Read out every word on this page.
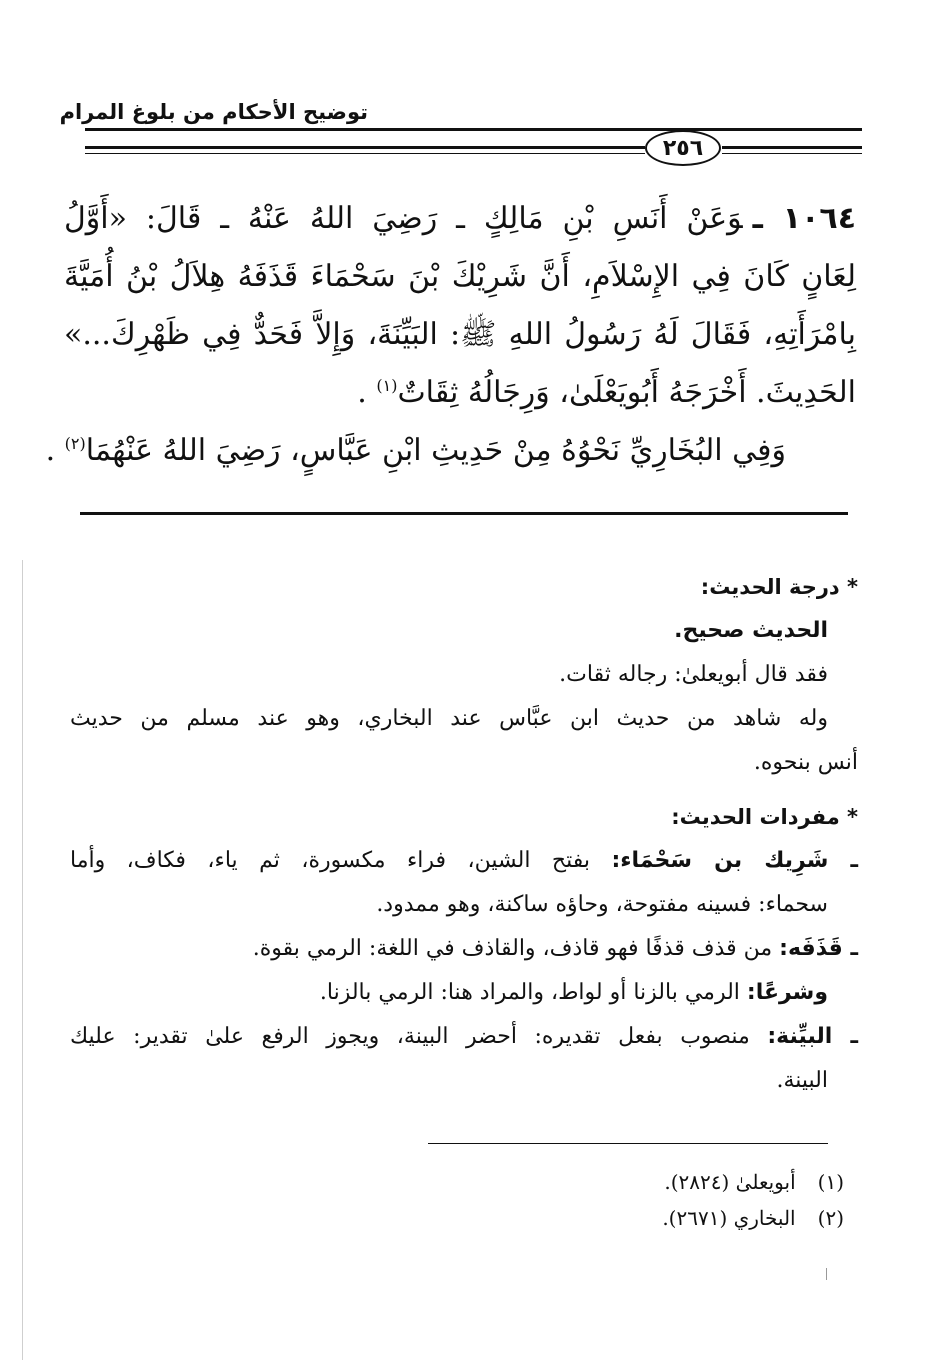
توضيح الأحكام من بلوغ المرام
٢٥٦
١٠٦٤ ـوَعَنْ أَنَسِ بْنِ مَالِكٍ ـ رَضِيَ اللهُ عَنْهُ ـ قَالَ: «أَوَّلُ
لِعَانٍ كَانَ فِي الإِسْلاَمِ، أَنَّ شَرِيْكَ بْنَ سَحْمَاءَ قَذَفَهُ هِلاَلُ بْنُ أُمَيَّةَ
بِامْرَأَتِهِ، فَقَالَ لَهُ رَسُولُ اللهِ ﷺ: البَيِّنَةَ، وَإِلاَّ فَحَدٌّ فِي ظَهْرِكَ...»
الحَدِيثَ. أَخْرَجَهُ أَبُويَعْلَىٰ، وَرِجَالُهُ ثِقَاتٌ$^{(١)}$ .
وَفِي البُخَارِيِّ نَحْوُهُ مِنْ حَدِيثِ ابْنِ عَبَّاسٍ، رَضِيَ اللهُ عَنْهُمَا$^{(٢)}$ .
* درجة الحديث:
الحديث صحيح.
فقد قال أبويعلىٰ: رجاله ثقات.
وله شاهد من حديث ابن عبَّاس عند البخاري، وهو عند مسلم من حديث
أنس بنحوه.
* مفردات الحديث:
ـ شَرِيك بن سَحْمَاء: بفتح الشين، فراء مكسورة، ثم ياء، فكاف، وأما
سحماء: فسينه مفتوحة، وحاؤه ساكنة، وهو ممدود.
ـ قَذَفَه: من قذف قذفًا فهو قاذف، والقاذف في اللغة: الرمي بقوة.
وشرعًا: الرمي بالزنا أو لواط، والمراد هنا: الرمي بالزنا.
ـ البيِّنة: منصوب بفعل تقديره: أحضر البينة، ويجوز الرفع علىٰ تقدير: عليك
البينة.
(١)أبويعلىٰ (٢٨٢٤).
(٢)البخاري (٢٦٧١).
